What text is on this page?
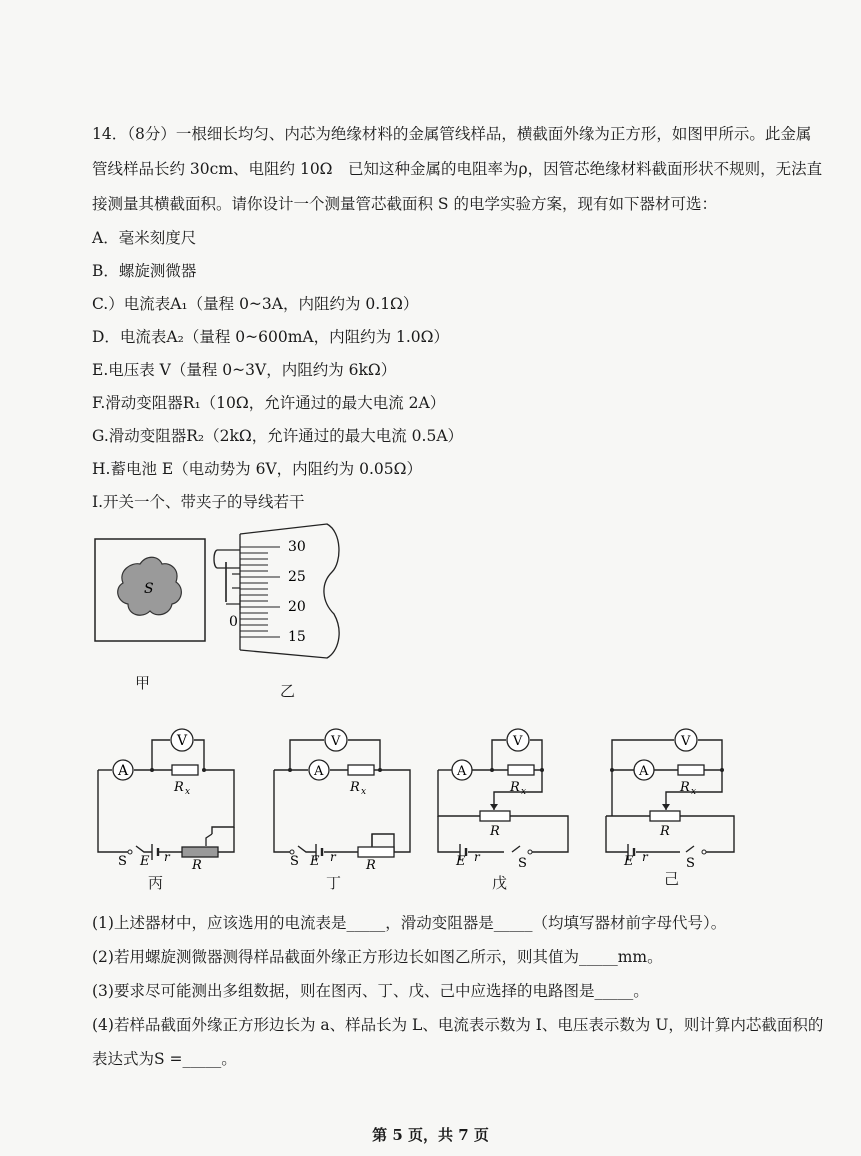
14．（8分）一根细长均匀、内芯为绝缘材料的金属管线样品，横截面外缘为正方形，如图甲所示。此金属
管线样品长约 30cm、电阻约 10Ω　已知这种金属的电阻率为ρ，因管芯绝缘材料截面形状不规则，无法直
接测量其横截面积。请你设计一个测量管芯截面积 S 的电学实验方案，现有如下器材可选：
A．毫米刻度尺
B．螺旋测微器
C.）电流表A₁（量程 0~3A，内阻约为 0.1Ω）
D．电流表A₂（量程 0~600mA，内阻约为 1.0Ω）
E.电压表 V（量程 0~3V，内阻约为 6kΩ）
F.滑动变阻器R₁（10Ω，允许通过的最大电流 2A）
G.滑动变阻器R₂（2kΩ，允许通过的最大电流 0.5A）
H.蓄电池 E（电动势为 6V，内阻约为 0.05Ω）
I.开关一个、带夹子的导线若干
S
甲
30
25
20
15
0
乙
A
V
R x
S E r
R
丙
A
V
R x
S E r
R
丁
A
V
R x
R
E r	S
戊
A
V
R x
R
E r	S
己
(1)上述器材中，应该选用的电流表是_____，滑动变阻器是_____（均填写器材前字母代号）。
(2)若用螺旋测微器测得样品截面外缘正方形边长如图乙所示，则其值为_____mm。
(3)要求尽可能测出多组数据，则在图丙、丁、戊、己中应选择的电路图是_____。
(4)若样品截面外缘正方形边长为 a、样品长为 L、电流表示数为 I、电压表示数为 U，则计算内芯截面积的
表达式为S =_____。
第 5 页，共 7 页
